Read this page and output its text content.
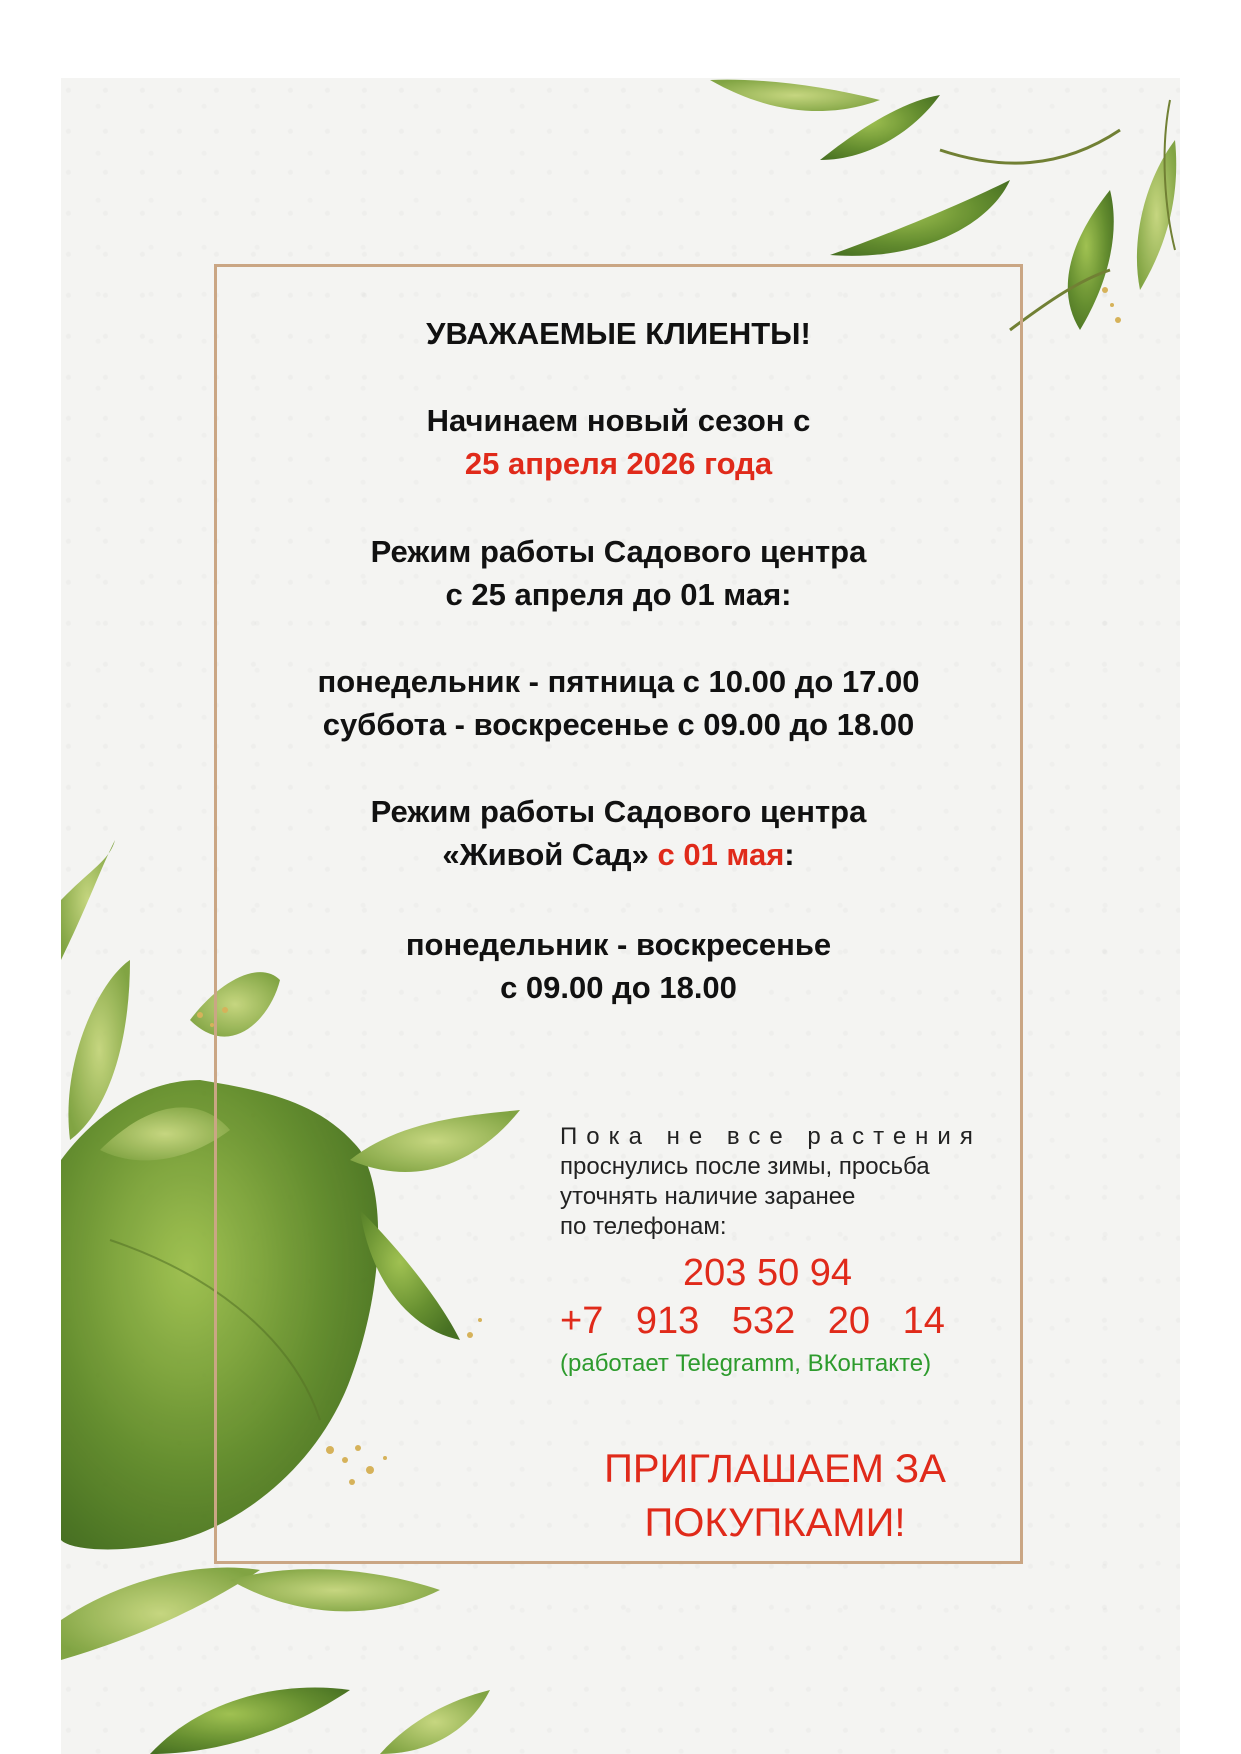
УВАЖАЕМЫЕ КЛИЕНТЫ!
Начинаем новый сезон с
25 апреля 2026 года
Режим работы Садового центра
с 25 апреля до 01 мая:
понедельник - пятница с 10.00 до 17.00
суббота - воскресенье с 09.00 до 18.00
Режим работы Садового центра
«Живой Сад» с 01 мая:
понедельник - воскресенье
с 09.00 до 18.00
Пока не все растения
проснулись после зимы, просьба
уточнять наличие заранее
по телефонам:
203 50 94
+7 913 532 20 14
(работает Telegramm, ВКонтакте)
ПРИГЛАШАЕМ ЗА
ПОКУПКАМИ!
